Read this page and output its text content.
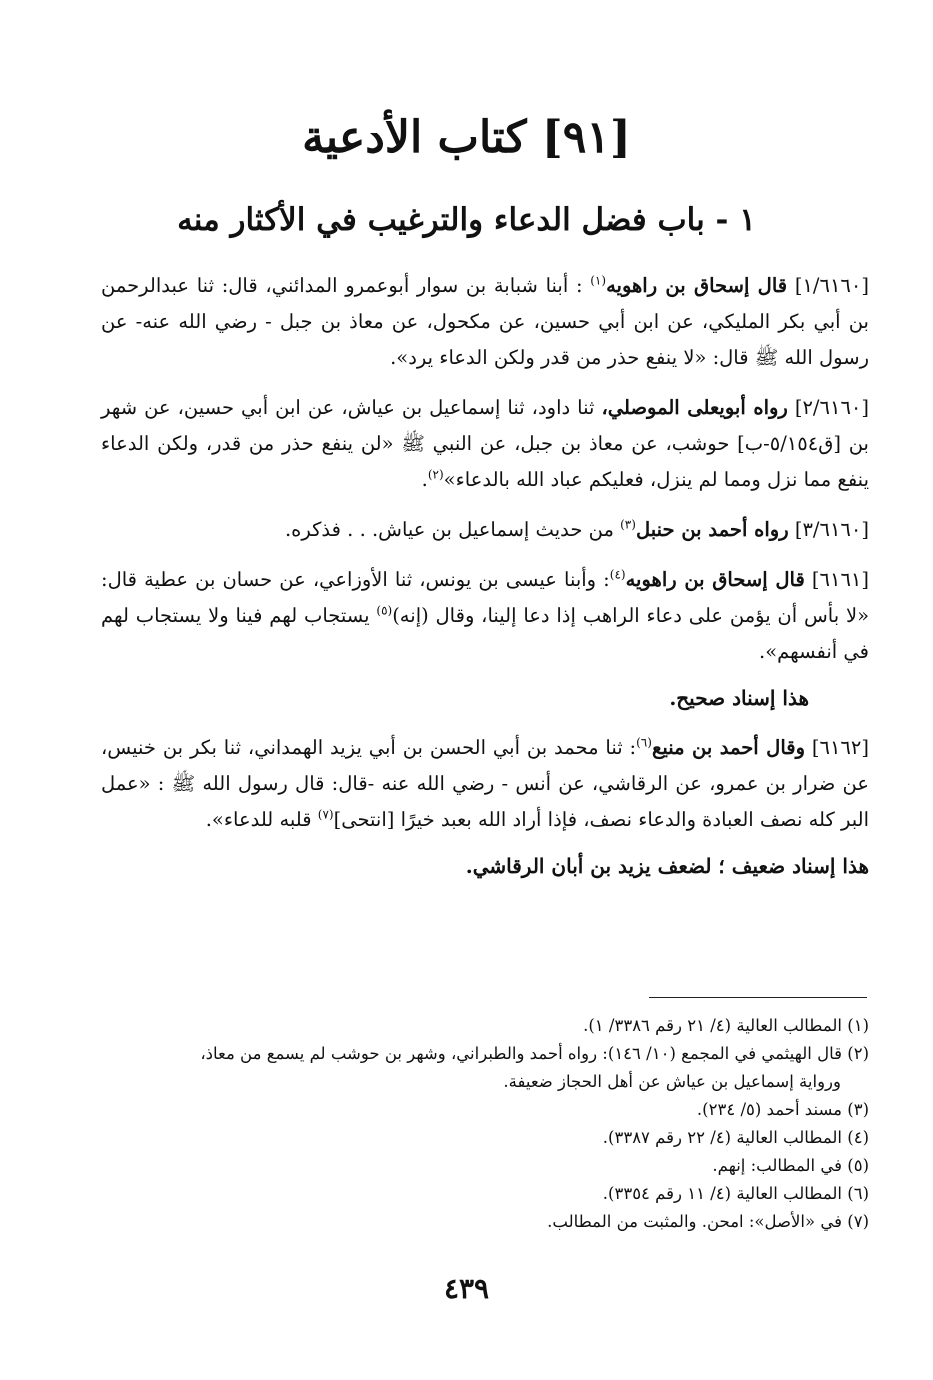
[٩١] كتاب الأدعية
١ - باب فضل الدعاء والترغيب في الأكثار منه

[١/٦١٦٠] قال إسحاق بن راهويه$^{(١)}$ : أبنا شبابة بن سوار أبوعمرو المدائني، قال: ثنا عبدالرحمن بن أبي بكر المليكي، عن ابن أبي حسين، عن مكحول، عن معاذ بن جبل - رضي الله عنه- عن رسول الله ﷺ قال: «لا ينفع حذر من قدر ولكن الدعاء يرد».

[٢/٦١٦٠] رواه أبويعلى الموصلي، ثنا داود، ثنا إسماعيل بن عياش، عن ابن أبي حسين، عن شهر بن [ق٥/١٥٤-ب] حوشب، عن معاذ بن جبل، عن النبي ﷺ «لن ينفع حذر من قدر، ولكن الدعاء ينفع مما نزل ومما لم ينزل، فعليكم عباد الله بالدعاء»$^{(٢)}$.

[٣/٦١٦٠] رواه أحمد بن حنبل$^{(٣)}$ من حديث إسماعيل بن عياش. . . فذكره.

[٦١٦١] قال إسحاق بن راهويه$^{(٤)}$: وأبنا عيسى بن يونس، ثنا الأوزاعي، عن حسان بن عطية قال: «لا بأس أن يؤمن على دعاء الراهب إذا دعا إلينا، وقال (إنه)$^{(٥)}$ يستجاب لهم فينا ولا يستجاب لهم في أنفسهم».

هذا إسناد صحيح.

[٦١٦٢] وقال أحمد بن منيع$^{(٦)}$: ثنا محمد بن أبي الحسن بن أبي يزيد الهمداني، ثنا بكر بن خنيس، عن ضرار بن عمرو، عن الرقاشي، عن أنس - رضي الله عنه -قال: قال رسول الله ﷺ : «عمل البر كله نصف العبادة والدعاء نصف، فإذا أراد الله بعبد خيرًا [انتحى]$^{(٧)}$ قلبه للدعاء».

هذا إسناد ضعيف ؛ لضعف يزيد بن أبان الرقاشي.

(١) المطالب العالية (٤/ ٢١ رقم ٣٣٨٦/ ١).

(٢) قال الهيثمي في المجمع (١٠/ ١٤٦): رواه أحمد والطبراني، وشهر بن حوشب لم يسمع من معاذ،

ورواية إسماعيل بن عياش عن أهل الحجاز ضعيفة.

(٣) مسند أحمد (٥/ ٢٣٤).

(٤) المطالب العالية (٤/ ٢٢ رقم ٣٣٨٧).

(٥) في المطالب: إنهم.

(٦) المطالب العالية (٤/ ١١ رقم ٣٣٥٤).

(٧) في «الأصل»: امحن. والمثبت من المطالب.

٤٣٩
